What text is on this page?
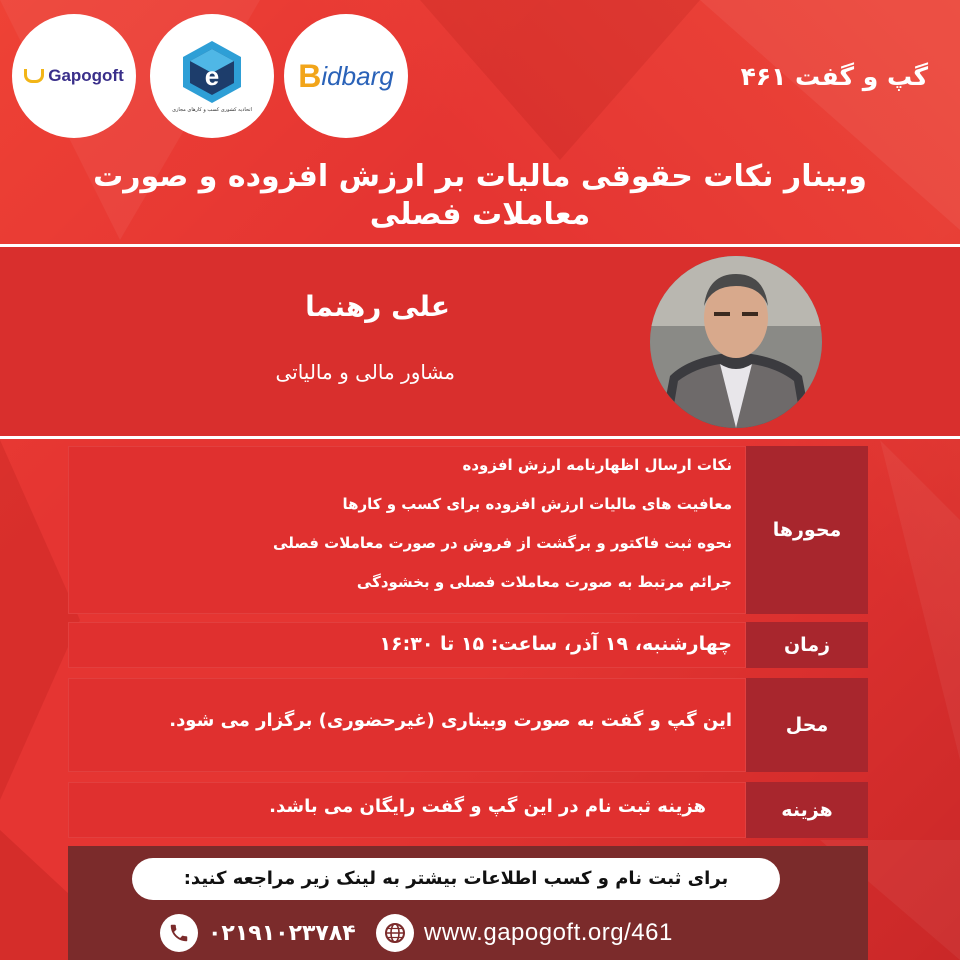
Gapogoft	e
اتحادیه کشوری کسب و کارهای مجازی
B idbarg	گپ و گفت ۴۶۱
وبینار نکات حقوقی مالیات بر ارزش افزوده و صورت معاملات فصلی
علی رهنما
مشاور مالی و مالیاتی
محورها
نکات ارسال اظهارنامه ارزش افزوده
معافیت های مالیات ارزش افزوده برای کسب و کارها
نحوه ثبت فاکتور و برگشت از فروش در صورت معاملات فصلی
جرائم مرتبط به صورت معاملات فصلی و بخشودگی
زمان
چهارشنبه، ۱۹ آذر، ساعت: ۱۵ تا ۱۶:۳۰
محل
این گپ و گفت به صورت وبیناری (غیرحضوری) برگزار می شود.
هزینه
هزینه ثبت نام در این گپ و گفت رایگان می باشد.
برای ثبت نام و کسب اطلاعات بیشتر به لینک زیر مراجعه کنید:
۰۲۱۹۱۰۲۳۷۸۴	www.gapogoft.org/461
